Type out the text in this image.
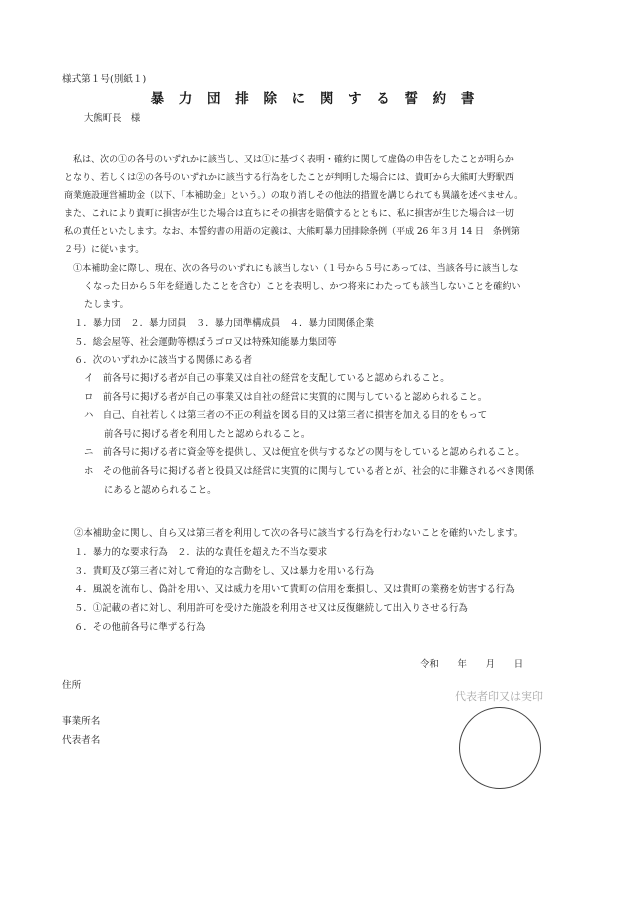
様式第１号(別紙１)
暴 力 団 排 除 に 関 す る 誓 約 書
大熊町長　様
私は、次の①の各号のいずれかに該当し、又は①に基づく表明・確約に関して虚偽の申告をしたことが明らか
となり、若しくは②の各号のいずれかに該当する行為をしたことが判明した場合には、貴町から大熊町大野駅西
商業施設運営補助金（以下、「本補助金」という。）の取り消しその他法的措置を講じられても異議を述べません。
また、これにより貴町に損害が生じた場合は直ちにその損害を賠償するとともに、私に損害が生じた場合は一切
私の責任といたします。なお、本誓約書の用語の定義は、大熊町暴力団排除条例（平成 26 年３月 14 日　条例第
２号）に従います。
①本補助金に際し、現在、次の各号のいずれにも該当しない（１号から５号にあっては、当該各号に該当しな
くなった日から５年を経過したことを含む）ことを表明し、かつ将来にわたっても該当しないことを確約い
たします。
１．暴力団　２．暴力団員　３．暴力団準構成員　４．暴力団関係企業
５．総会屋等、社会運動等標ぼうゴロ又は特殊知能暴力集団等
６．次のいずれかに該当する関係にある者
イ　前各号に掲げる者が自己の事業又は自社の経営を支配していると認められること。
ロ　前各号に掲げる者が自己の事業又は自社の経営に実質的に関与していると認められること。
ハ　自己、自社若しくは第三者の不正の利益を図る目的又は第三者に損害を加える目的をもって
前各号に掲げる者を利用したと認められること。
ニ　前各号に掲げる者に資金等を提供し、又は便宜を供与するなどの関与をしていると認められること。
ホ　その他前各号に掲げる者と役員又は経営に実質的に関与している者とが、社会的に非難されるべき関係
にあると認められること。
②本補助金に関し、自ら又は第三者を利用して次の各号に該当する行為を行わないことを確約いたします。
１．暴力的な要求行為　２．法的な責任を超えた不当な要求
３．貴町及び第三者に対して脅迫的な言動をし、又は暴力を用いる行為
４．風説を流布し、偽計を用い、又は威力を用いて貴町の信用を棄損し、又は貴町の業務を妨害する行為
５．①記載の者に対し、利用許可を受けた施設を利用させ又は反復継続して出入りさせる行為
６．その他前各号に準ずる行為
令和　　年　　月　　日
住所
事業所名
代表者名
代表者印又は実印
